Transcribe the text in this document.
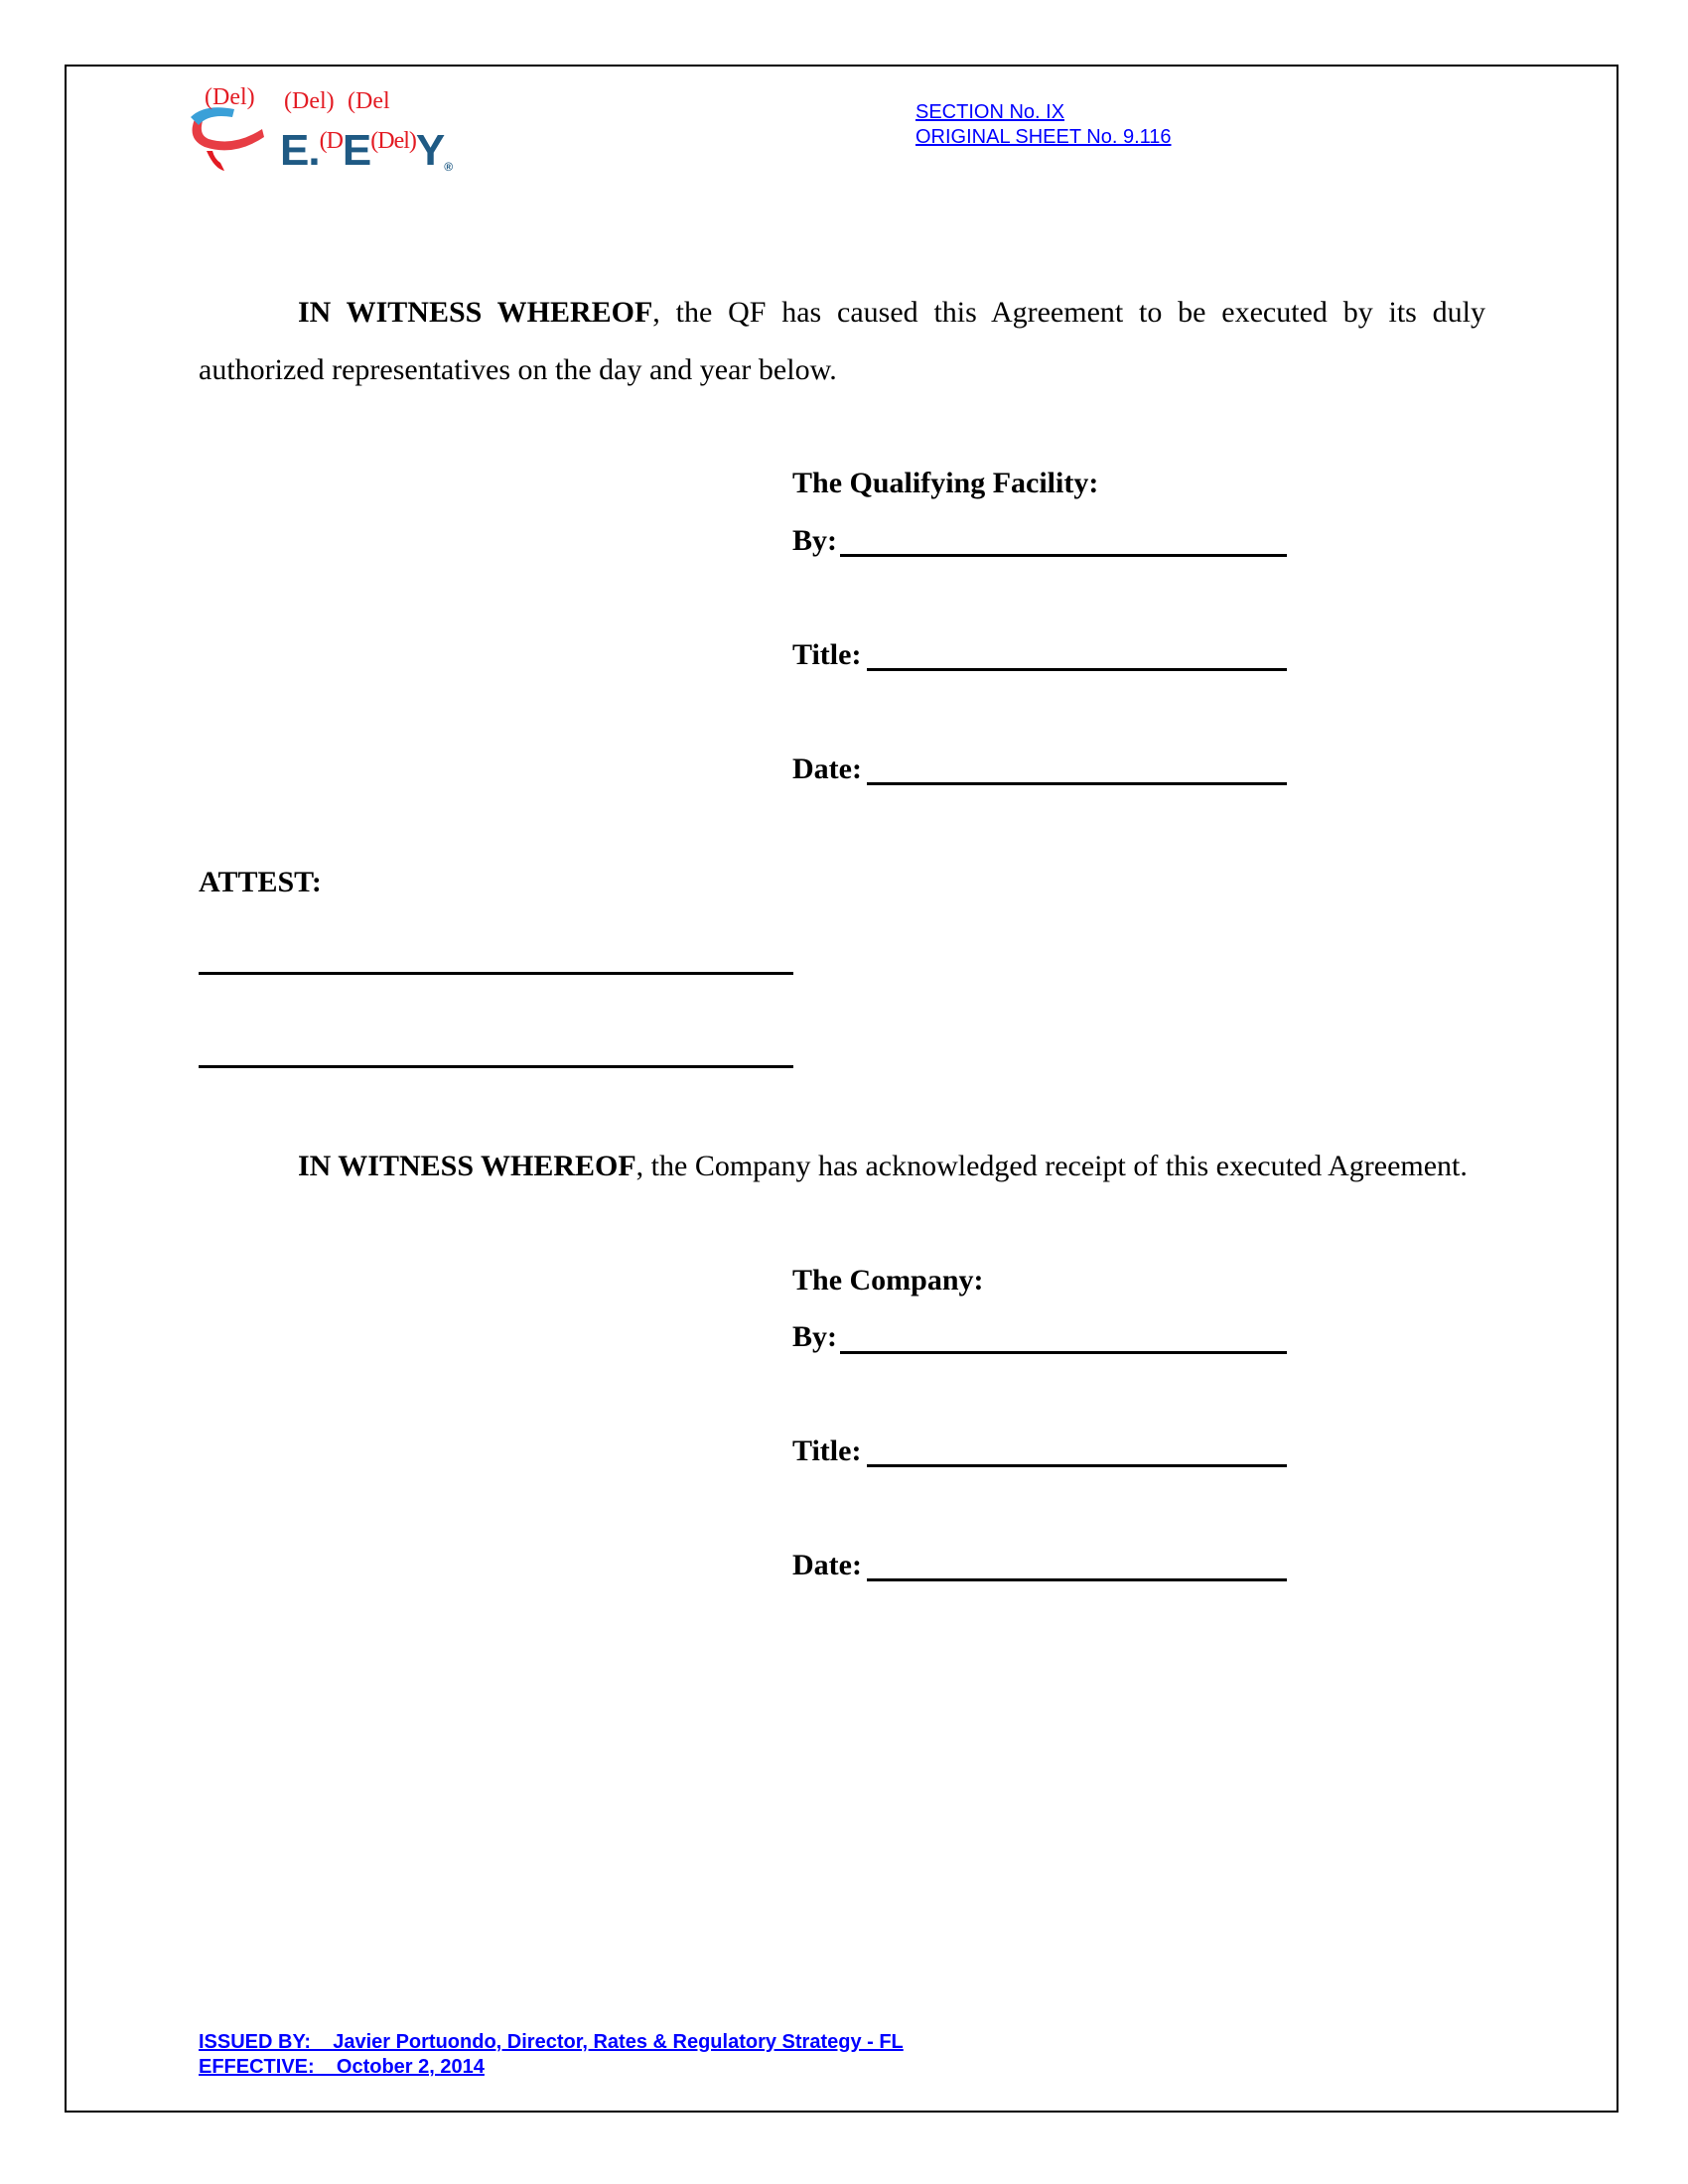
(Del) (Del) (Del
$E.^{(D}E^{(Del)}Y®$
SECTION No. IX
ORIGINAL SHEET No. 9.116
IN WITNESS WHEREOF, the QF has caused this Agreement to be executed by its duly authorized representatives on the day and year below.
The Qualifying Facility:
By:
Title:
Date:
ATTEST:
IN WITNESS WHEREOF, the Company has acknowledged receipt of this executed Agreement.
The Company:
By:
Title:
Date:
ISSUED BY:    Javier Portuondo, Director, Rates & Regulatory Strategy - FL
EFFECTIVE:    October 2, 2014
